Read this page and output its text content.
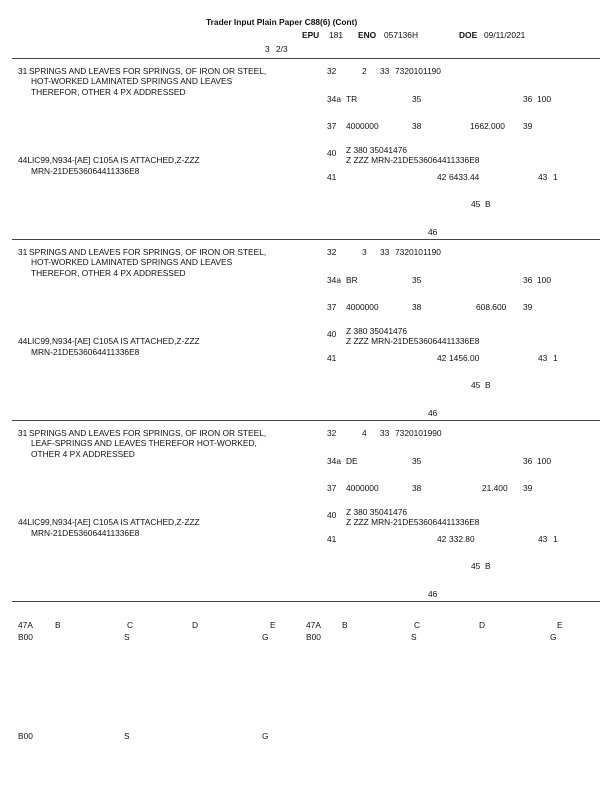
Trader Input Plain Paper C88(6) (Cont)
EPU 181 ENO 057136H	DOE 09/11/2021
3 2/3
31  SPRINGS AND LEAVES FOR SPRINGS, OF IRON OR STEEL,
HOT-WORKED LAMINATED SPRINGS AND LEAVES
THEREFOR, OTHER 4 PX ADDRESSED
32	2 33 7320101190
34a TR	35	36 100
37 4000000	38	1662.000 39
40 Z 380 35041476
Z ZZZ MRN-21DE536064411336E8
44LIC99,N934-[AE] C105A IS ATTACHED,Z-ZZZ
MRN-21DE536064411336E8
41	42 6433.44	43 1
45 B
46
31  SPRINGS AND LEAVES FOR SPRINGS, OF IRON OR STEEL,
HOT-WORKED LAMINATED SPRINGS AND LEAVES
THEREFOR, OTHER 4 PX ADDRESSED
32	3 33 7320101190
34a BR	35	36 100
37 4000000	38	608.600 39
40 Z 380 35041476
Z ZZZ MRN-21DE536064411336E8
44LIC99,N934-[AE] C105A IS ATTACHED,Z-ZZZ
MRN-21DE536064411336E8
41	42 1456.00	43 1
45 B
46
31  SPRINGS AND LEAVES FOR SPRINGS, OF IRON OR STEEL,
LEAF-SPRINGS AND LEAVES THEREFOR HOT-WORKED,
OTHER 4 PX ADDRESSED
32	4 33 7320101990
34a DE	35	36 100
37 4000000	38	21.400 39
40 Z 380 35041476
Z ZZZ MRN-21DE536064411336E8
44LIC99,N934-[AE] C105A IS ATTACHED,Z-ZZZ
MRN-21DE536064411336E8
41	42 332.80	43 1
45 B
46
47A	B	C	D	E
B00	S	G
B00	S	G
47A	B	C	D	E
B00	S	G
